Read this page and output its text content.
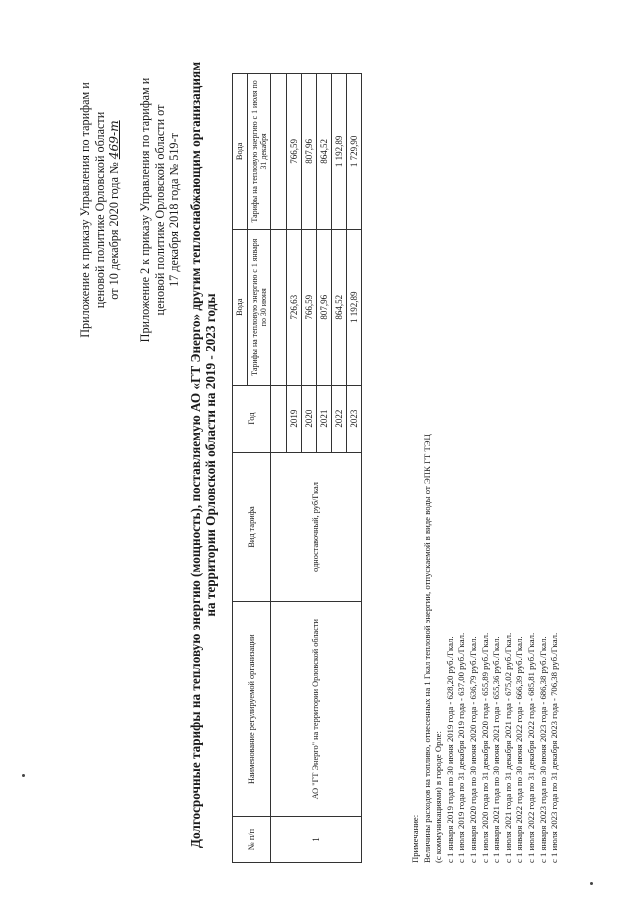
Приложение к приказу Управления по тарифам и ценовой политике Орловской области от 10 декабря 2020 года № 469-т Приложение 2 к приказу Управления по тарифам и ценовой политике Орловской области от 17 декабря 2018 года № 519-т Долгосрочные тарифы на тепловую энергию (мощность), поставляемую АО «ГТ Энерго» другим теплоснабжающим организациям на территории Орловской области на 2019 - 2023 годы
№ п/п	Наименование регулируемой организации	Вид тарифа	Год	Вода	Вода
				Тарифы на тепловую энергию с 1 января по 30 июня	Тарифы на тепловую энергию с 1 июля по 31 декабря
1	АО "ГТ Энерго" на территории Орловской области	одноставочный, руб/Гкал			
			2019	726,63	766,59
			2020	766,59	807,96
			2021	807,96	864,52
			2022	864,52	1 192,89
			2023	1 192,89	1 729,90
Примечание: Величины расходов на топливо, отнесенных на 1 Гкал тепловой энергии, отпускаемой в виде воды от ЭПК ГТ ТЭЦ (с коммуникациями) в городе Орле: с 1 января 2019 года по 30 июня 2019 года - 628,20 руб./Гкал. с 1 июля 2019 года по 31 декабря 2019 года - 637,00 руб./Гкал. с 1 января 2020 года по 30 июня 2020 года - 636,79 руб./Гкал. с 1 июля 2020 года по 31 декабря 2020 года - 655,89 руб./Гкал. с 1 января 2021 года по 30 июня 2021 года - 655,36 руб./Гкал. с 1 июля 2021 года по 31 декабря 2021 года - 675,02 руб./Гкал. с 1 января 2022 года по 30 июня 2022 года - 666,39 руб./Гкал. с 1 июля 2022 года по 31 декабря 2022 года - 685,81 руб./Гкал. с 1 января 2023 года по 30 июня 2023 года - 686,38 руб./Гкал. с 1 июля 2023 года по 31 декабря 2023 года - 706,38 руб./Гкал.
